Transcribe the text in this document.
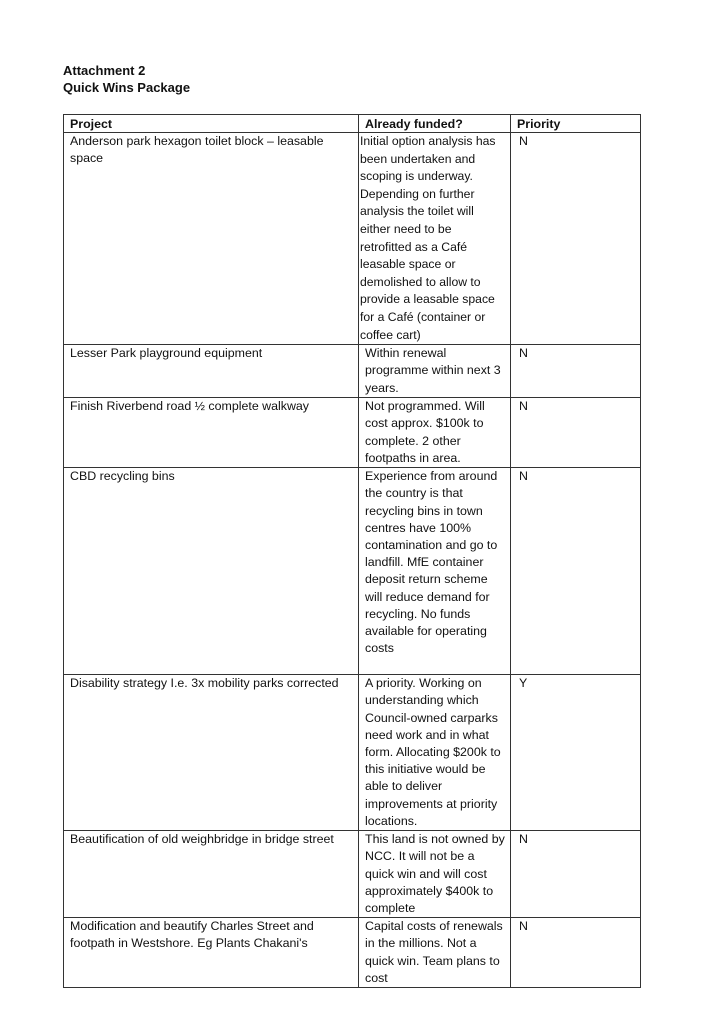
Attachment 2
Quick Wins Package
Project	Already funded?	Priority
Anderson park hexagon toilet block – leasable space	Initial option analysis has been undertaken and scoping is underway. Depending on further analysis the toilet will either need to be retrofitted as a Café leasable space or demolished to allow to provide a leasable space for a Café (container or coffee cart)	N
Lesser Park playground equipment	Within renewal programme within next 3 years.	N
Finish Riverbend road ½ complete walkway	Not programmed. Will cost approx. $100k to complete. 2 other footpaths in area.	N
CBD recycling bins	Experience from around the country is that recycling bins in town centres have 100% contamination and go to landfill. MfE container deposit return scheme will reduce demand for recycling. No funds available for operating costs	N
Disability strategy I.e. 3x mobility parks corrected	A priority. Working on understanding which Council-owned carparks need work and in what form. Allocating $200k to this initiative would be able to deliver improvements at priority locations.	Y
Beautification of old weighbridge in bridge street	This land is not owned by NCC. It will not be a quick win and will cost approximately $400k to complete	N
Modification and beautify Charles Street and footpath in Westshore. Eg Plants Chakani's	Capital costs of renewals in the millions. Not a quick win. Team plans to cost	N
